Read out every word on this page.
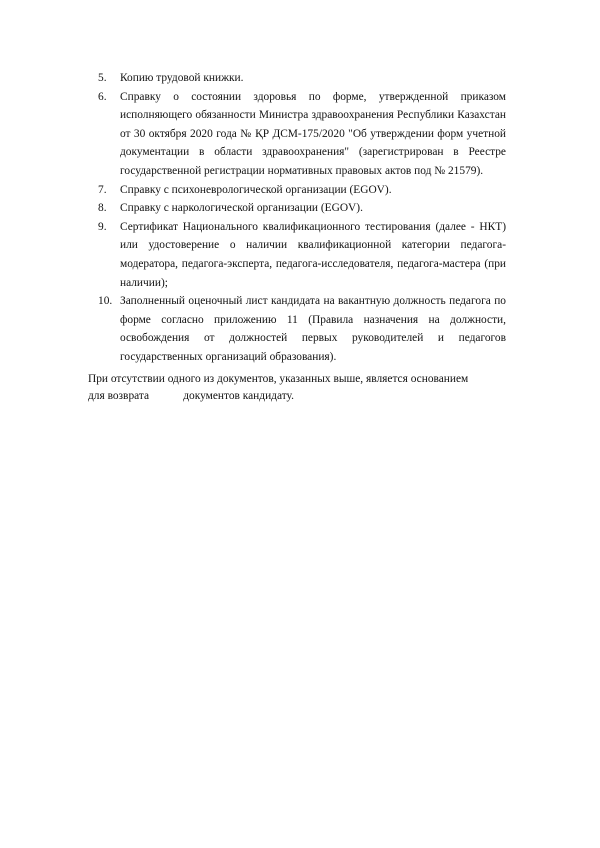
5.	Копию трудовой книжки.
6.	Справку о состоянии здоровья по форме, утвержденной приказом исполняющего обязанности Министра здравоохранения Республики Казахстан от 30 октября 2020 года № ҚР ДСМ-175/2020 "Об утверждении форм учетной документации в области здравоохранения" (зарегистрирован в Реестре государственной регистрации нормативных правовых актов под № 21579).
7.	Справку с психоневрологической организации (EGOV).
8.	Справку с наркологической организации (EGOV).
9.	Сертификат Национального квалификационного тестирования (далее - НКТ) или удостоверение о наличии квалификационной категории педагога-модератора, педагога-эксперта, педагога-исследователя, педагога-мастера (при наличии);
10. Заполненный оценочный лист кандидата на вакантную должность педагога по форме согласно приложению 11 (Правила назначения на должности, освобождения от должностей первых руководителей и педагогов государственных организаций образования).
При отсутствии одного из документов, указанных выше, является основанием
для возврата            документов кандидату.
